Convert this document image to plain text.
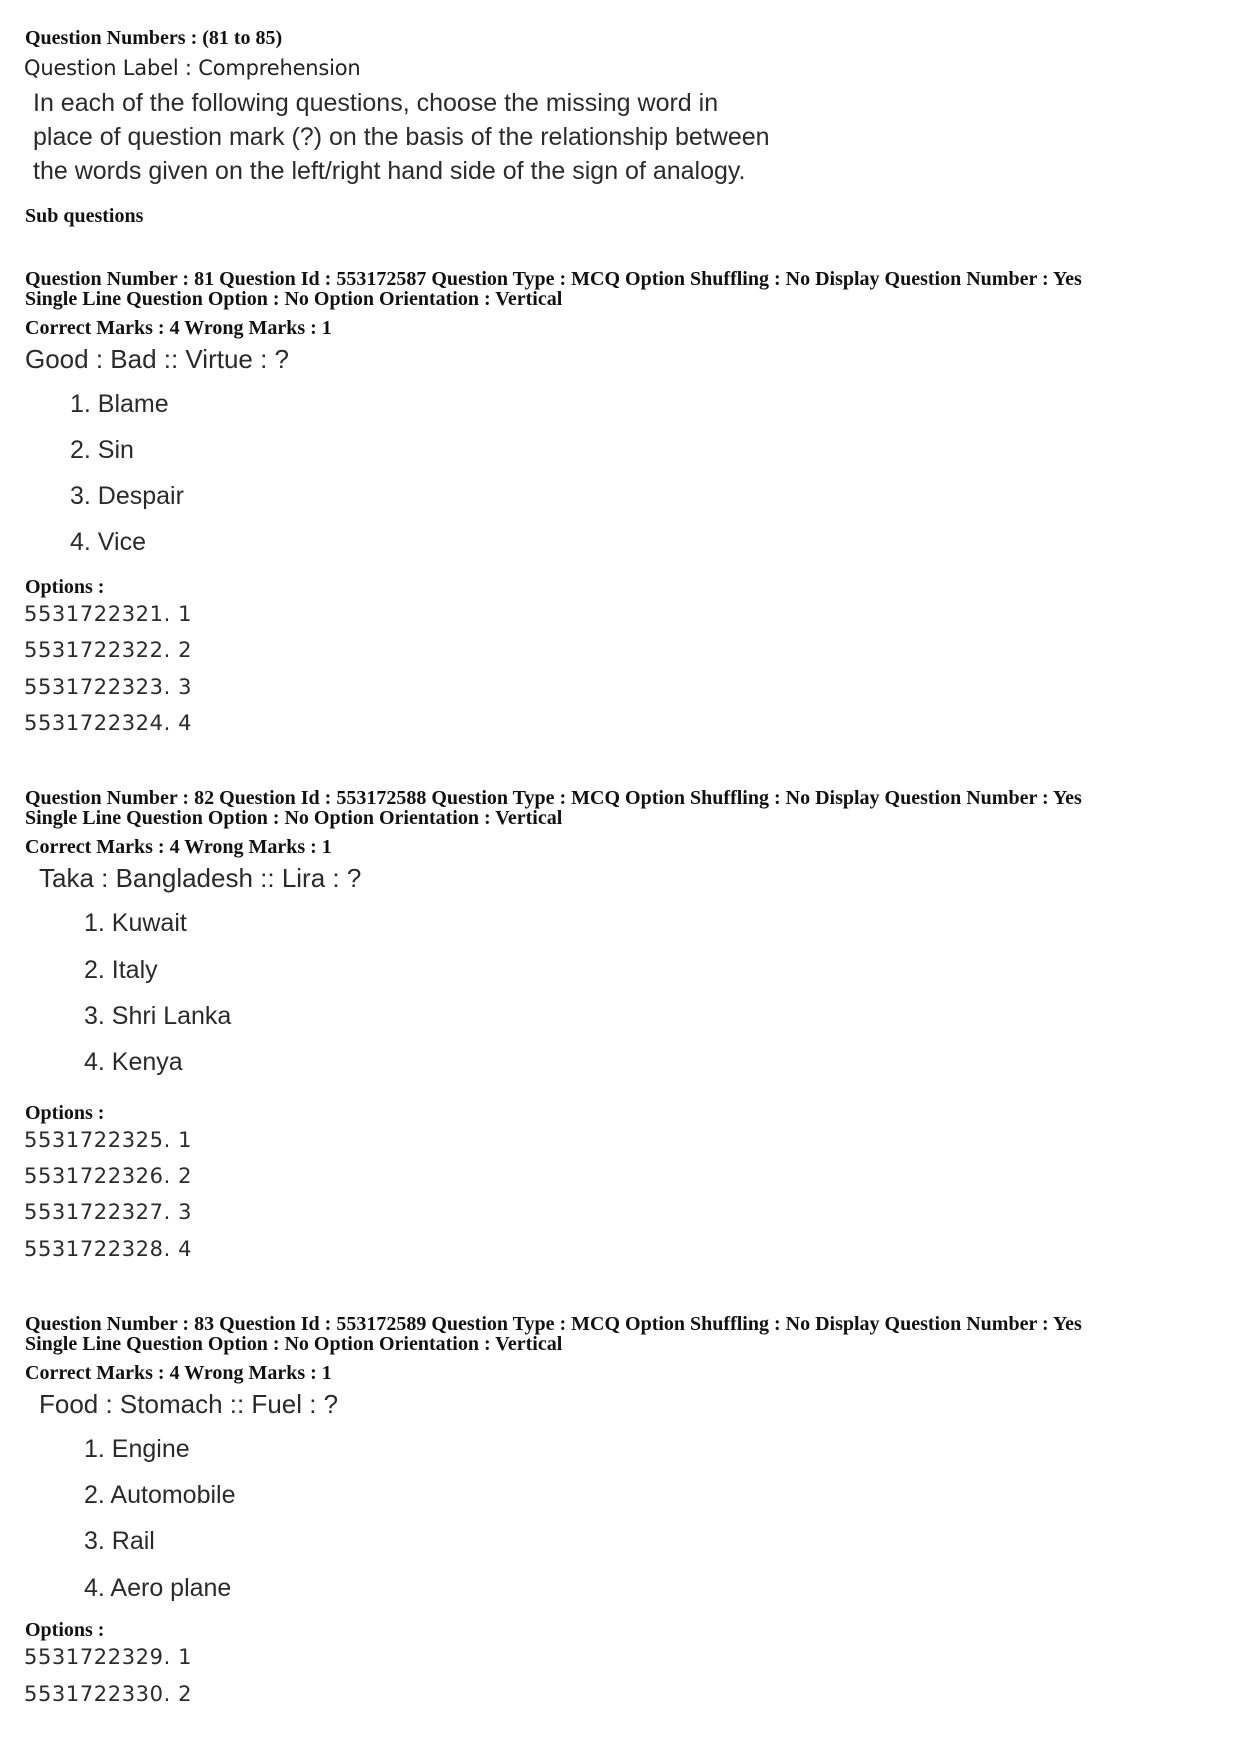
Question Numbers : (81 to 85)
Question Label : Comprehension
In each of the following questions, choose the missing word in place of question mark (?) on the basis of the relationship between the words given on the left/right hand side of the sign of analogy.
Sub questions
Question Number : 81 Question Id : 553172587 Question Type : MCQ Option Shuffling : No Display Question Number : Yes
Single Line Question Option : No Option Orientation : Vertical
Correct Marks : 4 Wrong Marks : 1
Good : Bad :: Virtue : ?
1. Blame
2. Sin
3. Despair
4. Vice
Options :
5531722321. 1
5531722322. 2
5531722323. 3
5531722324. 4
Question Number : 82 Question Id : 553172588 Question Type : MCQ Option Shuffling : No Display Question Number : Yes
Single Line Question Option : No Option Orientation : Vertical
Correct Marks : 4 Wrong Marks : 1
Taka : Bangladesh :: Lira : ?
1. Kuwait
2. Italy
3. Shri Lanka
4. Kenya
Options :
5531722325. 1
5531722326. 2
5531722327. 3
5531722328. 4
Question Number : 83 Question Id : 553172589 Question Type : MCQ Option Shuffling : No Display Question Number : Yes
Single Line Question Option : No Option Orientation : Vertical
Correct Marks : 4 Wrong Marks : 1
Food : Stomach :: Fuel : ?
1. Engine
2. Automobile
3. Rail
4. Aero plane
Options :
5531722329. 1
5531722330. 2
